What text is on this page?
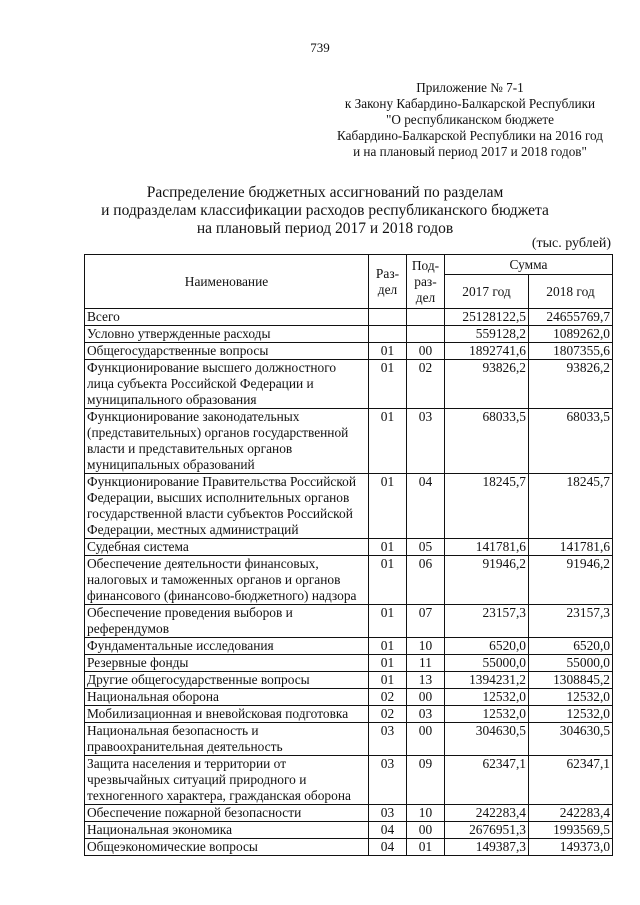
739
Приложение № 7-1
к Закону Кабардино-Балкарской Республики
"О республиканском бюджете
Кабардино-Балкарской Республики на 2016 год
и на плановый период 2017 и 2018 годов"
Распределение бюджетных ассигнований по разделам
и подразделам классификации расходов республиканского бюджета
на плановый период 2017 и 2018 годов
(тыс. рублей)
Наименование	Раз- дел	Под- раз- дел	Сумма	
			2017 год	2018 год
Всего			25128122,5	24655769,7
Условно утвержденные расходы			559128,2	1089262,0
Общегосударственные вопросы	01	00	1892741,6	1807355,6
Функционирование высшего должностного лица субъекта Российской Федерации и муниципального образования	01	02	93826,2	93826,2
Функционирование законодательных (представительных) органов государственной власти и представительных органов муниципальных образований	01	03	68033,5	68033,5
Функционирование Правительства Российской Федерации, высших исполнительных органов государственной власти субъектов Российской Федерации, местных администраций	01	04	18245,7	18245,7
Судебная система	01	05	141781,6	141781,6
Обеспечение деятельности финансовых, налоговых и таможенных органов и органов финансового (финансово-бюджетного) надзора	01	06	91946,2	91946,2
Обеспечение проведения выборов и референдумов	01	07	23157,3	23157,3
Фундаментальные исследования	01	10	6520,0	6520,0
Резервные фонды	01	11	55000,0	55000,0
Другие общегосударственные вопросы	01	13	1394231,2	1308845,2
Национальная оборона	02	00	12532,0	12532,0
Мобилизационная и вневойсковая подготовка	02	03	12532,0	12532,0
Национальная безопасность и правоохранительная деятельность	03	00	304630,5	304630,5
Защита населения и территории от чрезвычайных ситуаций природного и техногенного характера, гражданская оборона	03	09	62347,1	62347,1
Обеспечение пожарной безопасности	03	10	242283,4	242283,4
Национальная экономика	04	00	2676951,3	1993569,5
Общеэкономические вопросы	04	01	149387,3	149373,0
